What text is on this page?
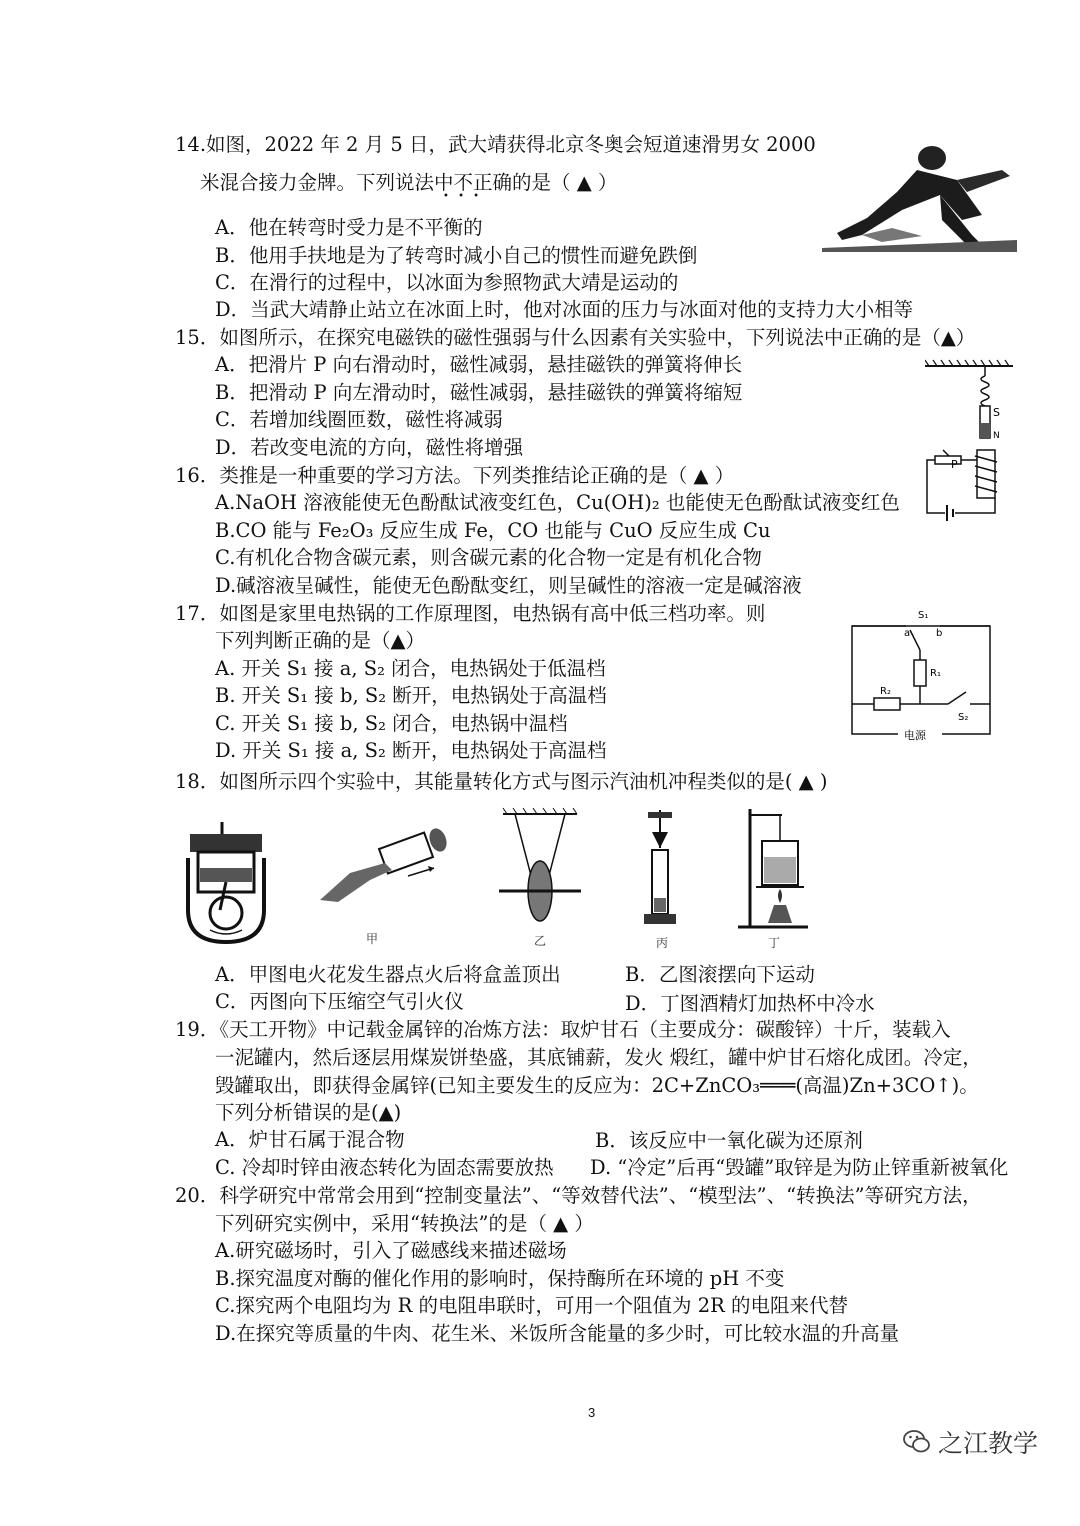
14.如图，2022 年 2 月 5 日，武大靖获得北京冬奥会短道速滑男女 2000
米混合接力金牌。下列说法中不正确的是（ ▲ ）
• • •
A．他在转弯时受力是不平衡的
B．他用手扶地是为了转弯时减小自己的惯性而避免跌倒
C．在滑行的过程中，以冰面为参照物武大靖是运动的
D．当武大靖静止站立在冰面上时，他对冰面的压力与冰面对他的支持力大小相等
15．如图所示，在探究电磁铁的磁性强弱与什么因素有关实验中，下列说法中正确的是（▲）
A．把滑片 P 向右滑动时，磁性减弱，悬挂磁铁的弹簧将伸长
B．把滑动 P 向左滑动时，磁性减弱，悬挂磁铁的弹簧将缩短
C．若增加线圈匝数，磁性将减弱
D．若改变电流的方向，磁性将增强
S
N
P
16．类推是一种重要的学习方法。下列类推结论正确的是（ ▲ ）
A.NaOH 溶液能使无色酚酞试液变红色，Cu(OH)₂ 也能使无色酚酞试液变红色
B.CO 能与 Fe₂O₃ 反应生成 Fe，CO 也能与 CuO 反应生成 Cu
C.有机化合物含碳元素，则含碳元素的化合物一定是有机化合物
D.碱溶液呈碱性，能使无色酚酞变红，则呈碱性的溶液一定是碱溶液
17．如图是家里电热锅的工作原理图，电热锅有高中低三档功率。则
下列判断正确的是（▲）
A. 开关 S₁ 接 a, S₂ 闭合，电热锅处于低温档
B. 开关 S₁ 接 b, S₂ 断开，电热锅处于高温档
C. 开关 S₁ 接 b, S₂ 闭合，电热锅中温档
D. 开关 S₁ 接 a, S₂ 断开，电热锅处于高温档
S₁
a	b
R₁
R₂
S₂
电源
18．如图所示四个实验中，其能量转化方式与图示汽油机冲程类似的是( ▲ )
甲	乙	丙	丁
A．甲图电火花发生器点火后将盒盖顶出	B．乙图滚摆向下运动
C．丙图向下压缩空气引火仪	D．丁图酒精灯加热杯中冷水
19．《天工开物》中记载金属锌的冶炼方法：取炉甘石（主要成分：碳酸锌）十斤，装载入
一泥罐内，然后逐层用煤炭饼垫盛，其底铺薪，发火 煅红，罐中炉甘石熔化成团。冷定，
毁罐取出，即获得金属锌(已知主要发生的反应为：2C+ZnCO₃═══(高温)Zn+3CO↑)。
下列分析错误的是(▲)
A．炉甘石属于混合物	B．该反应中一氧化碳为还原剂
C. 冷却时锌由液态转化为固态需要放热 D. “冷定”后再“毁罐”取锌是为防止锌重新被氧化
20．科学研究中常常会用到“控制变量法”、“等效替代法”、“模型法”、“转换法”等研究方法，
下列研究实例中，采用“转换法”的是（ ▲ ）
A.研究磁场时，引入了磁感线来描述磁场
B.探究温度对酶的催化作用的影响时，保持酶所在环境的 pH 不变
C.探究两个电阻均为 R 的电阻串联时，可用一个阻值为 2R 的电阻来代替
D.在探究等质量的牛肉、花生米、米饭所含能量的多少时，可比较水温的升高量
3
之江教学
